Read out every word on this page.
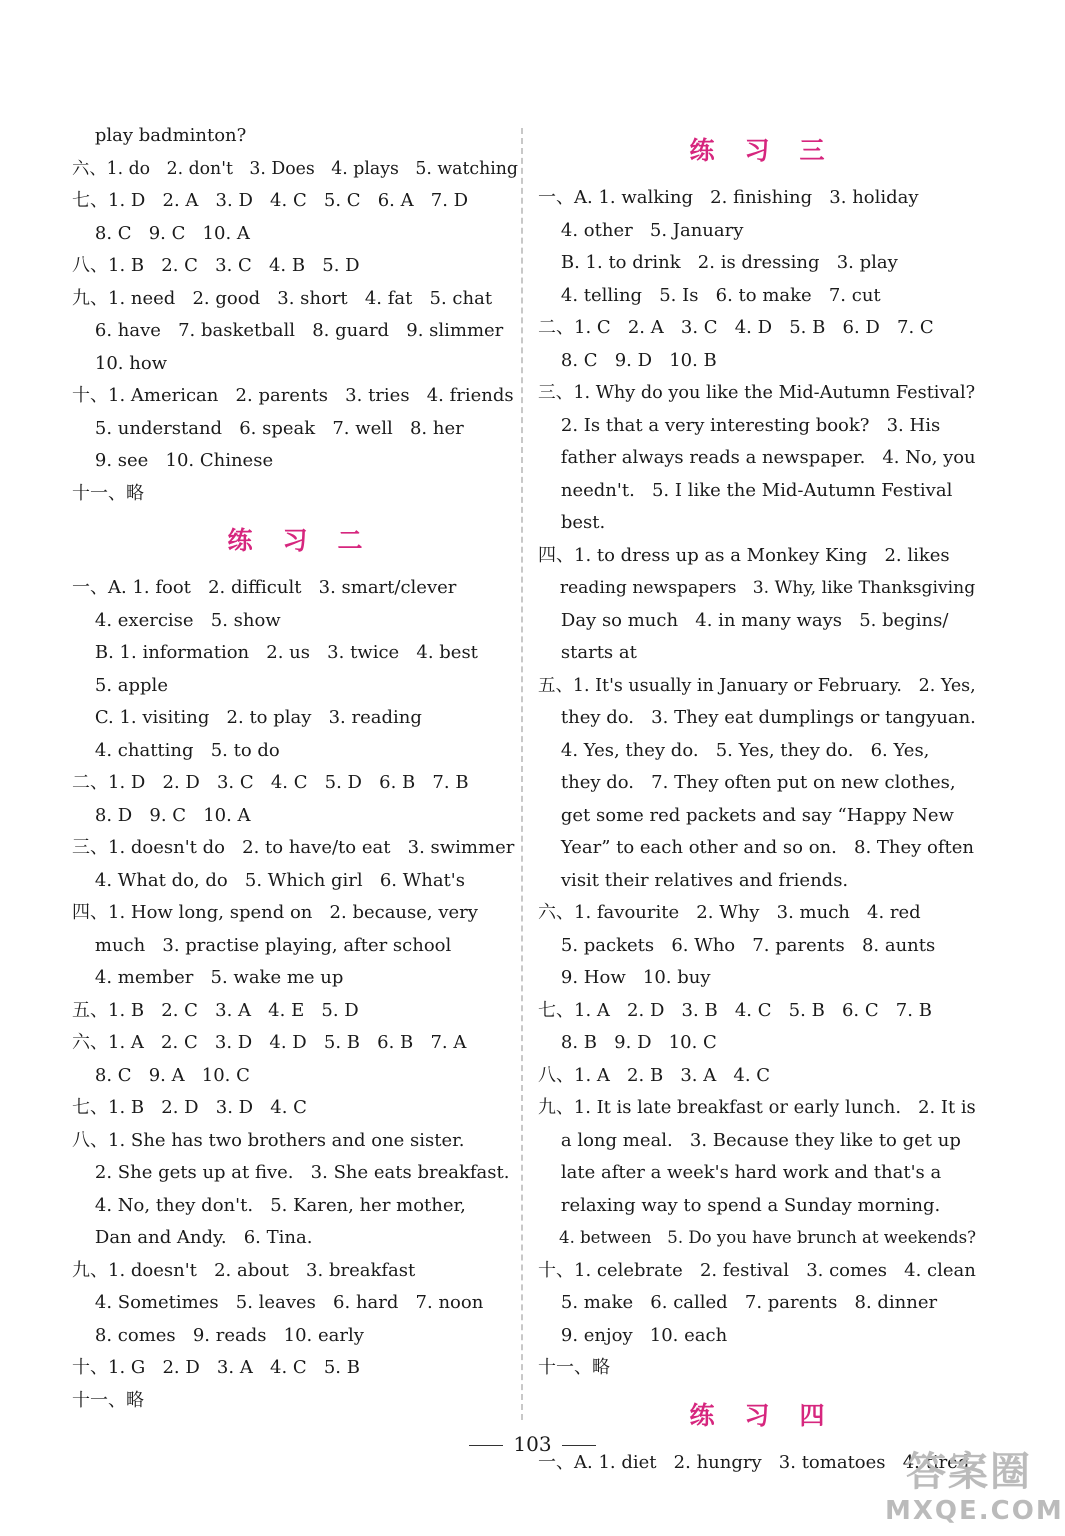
play badminton?
六、1. do   2. don't   3. Does   4. plays   5. watching
七、1. D   2. A   3. D   4. C   5. C   6. A   7. D
8. C   9. C   10. A
八、1. B   2. C   3. C   4. B   5. D
九、1. need   2. good   3. short   4. fat   5. chat
6. have   7. basketball   8. guard   9. slimmer
10. how
十、1. American   2. parents   3. tries   4. friends
5. understand   6. speak   7. well   8. her
9. see   10. Chinese
十一、略
练习二
一、A. 1. foot   2. difficult   3. smart/clever
4. exercise   5. show
B. 1. information   2. us   3. twice   4. best
5. apple
C. 1. visiting   2. to play   3. reading
4. chatting   5. to do
二、1. D   2. D   3. C   4. C   5. D   6. B   7. B
8. D   9. C   10. A
三、1. doesn't do   2. to have/to eat   3. swimmer
4. What do, do   5. Which girl   6. What's
四、1. How long, spend on   2. because, very
much   3. practise playing, after school
4. member   5. wake me up
五、1. B   2. C   3. A   4. E   5. D
六、1. A   2. C   3. D   4. D   5. B   6. B   7. A
8. C   9. A   10. C
七、1. B   2. D   3. D   4. C
八、1. She has two brothers and one sister.
2. She gets up at five.   3. She eats breakfast.
4. No, they don't.   5. Karen, her mother,
Dan and Andy.   6. Tina.
九、1. doesn't   2. about   3. breakfast
4. Sometimes   5. leaves   6. hard   7. noon
8. comes   9. reads   10. early
十、1. G   2. D   3. A   4. C   5. B
十一、略
练习三
一、A. 1. walking   2. finishing   3. holiday
4. other   5. January
B. 1. to drink   2. is dressing   3. play
4. telling   5. Is   6. to make   7. cut
二、1. C   2. A   3. C   4. D   5. B   6. D   7. C
8. C   9. D   10. B
三、1. Why do you like the Mid-Autumn Festival?
2. Is that a very interesting book?   3. His
father always reads a newspaper.   4. No, you
needn't.   5. I like the Mid-Autumn Festival
best.
四、1. to dress up as a Monkey King   2. likes
reading newspapers   3. Why, like Thanksgiving
Day so much   4. in many ways   5. begins/
starts at
五、1. It's usually in January or February.   2. Yes,
they do.   3. They eat dumplings or tangyuan.
4. Yes, they do.   5. Yes, they do.   6. Yes,
they do.   7. They often put on new clothes,
get some red packets and say “Happy New
Year” to each other and so on.   8. They often
visit their relatives and friends.
六、1. favourite   2. Why   3. much   4. red
5. packets   6. Who   7. parents   8. aunts
9. How   10. buy
七、1. A   2. D   3. B   4. C   5. B   6. C   7. B
8. B   9. D   10. C
八、1. A   2. B   3. A   4. C
九、1. It is late breakfast or early lunch.   2. It is
a long meal.   3. Because they like to get up
late after a week's hard work and that's a
relaxing way to spend a Sunday morning.
4. between   5. Do you have brunch at weekends?
十、1. celebrate   2. festival   3. comes   4. clean
5. make   6. called   7. parents   8. dinner
9. enjoy   10. each
十一、略
练习四
一、A. 1. diet   2. hungry   3. tomatoes   4. tired
103
答案圈
MXQE.COM
